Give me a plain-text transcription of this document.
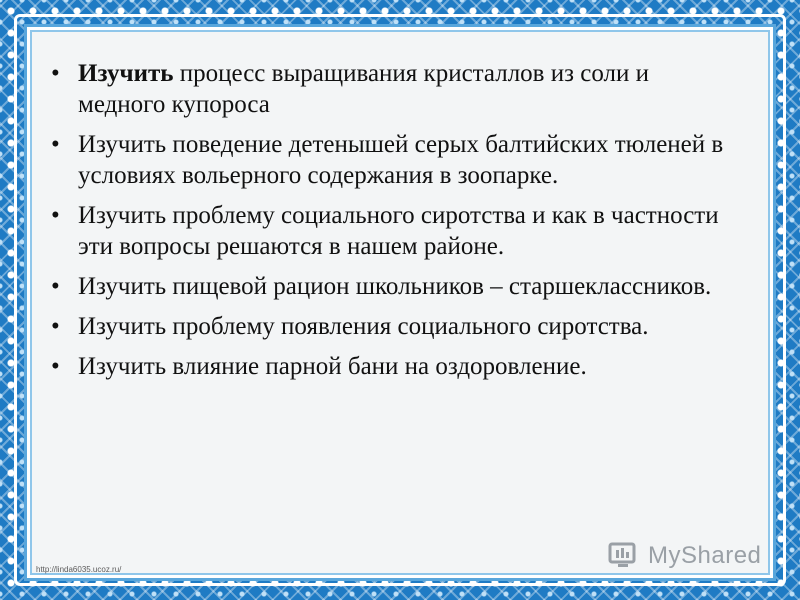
• Изучить процесс выращивания кристаллов из соли и медного купороса
• Изучить поведение детенышей серых балтийских тюленей в условиях вольерного содержания в зоопарке.
• Изучить проблему социального сиротства и как в частности эти вопросы решаются в нашем районе.
• Изучить пищевой рацион школьников – старшеклассников.
• Изучить проблему появления социального сиротства.
• Изучить влияние парной бани на оздоровление.
http://linda6035.ucoz.ru/
MyShared
